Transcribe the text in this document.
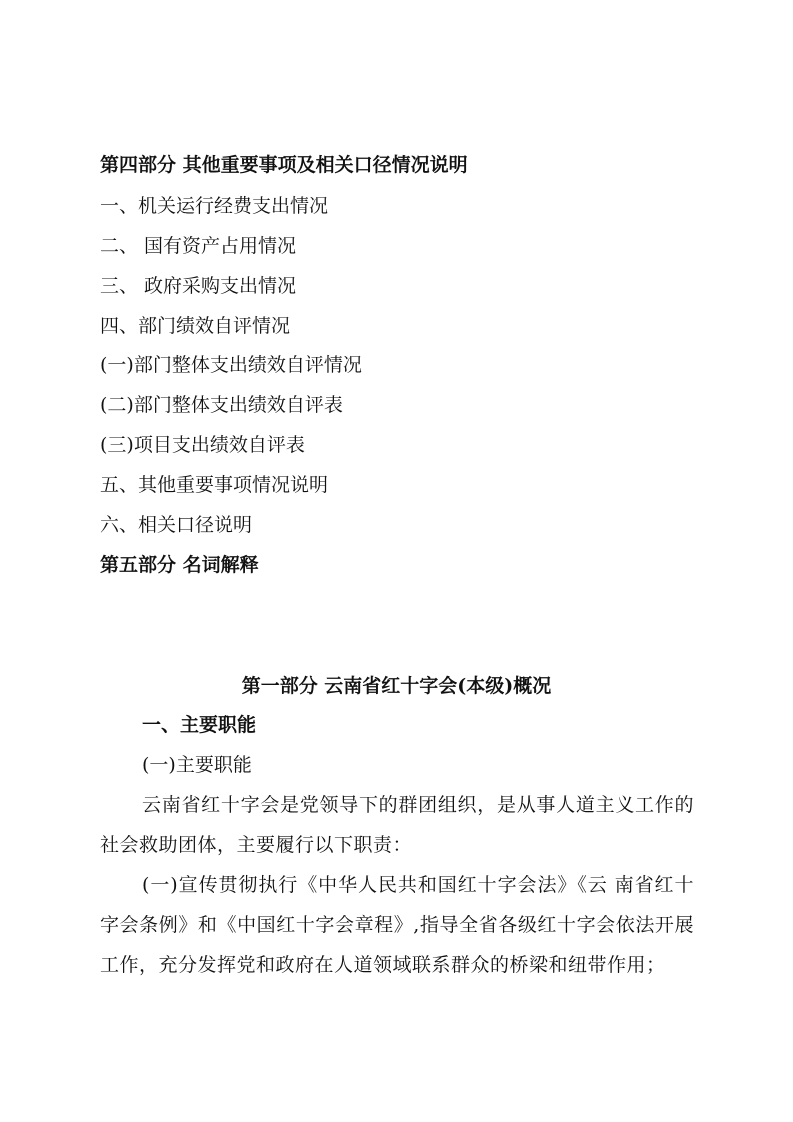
第四部分 其他重要事项及相关口径情况说明
一、机关运行经费支出情况
二、 国有资产占用情况
三、 政府采购支出情况
四、部门绩效自评情况
(一)部门整体支出绩效自评情况
(二)部门整体支出绩效自评表
(三)项目支出绩效自评表
五、其他重要事项情况说明
六、相关口径说明
第五部分 名词解释
第一部分 云南省红十字会(本级)概况
一、主要职能
(一)主要职能

云南省红十字会是党领导下的群团组织，是从事人道主义工作的社会救助团体，主要履行以下职责：

(一)宣传贯彻执行《中华人民共和国红十字会法》《云 南省红十字会条例》和《中国红十字会章程》,指导全省各级红十字会依法开展工作，充分发挥党和政府在人道领域联系群众的桥梁和纽带作用；
